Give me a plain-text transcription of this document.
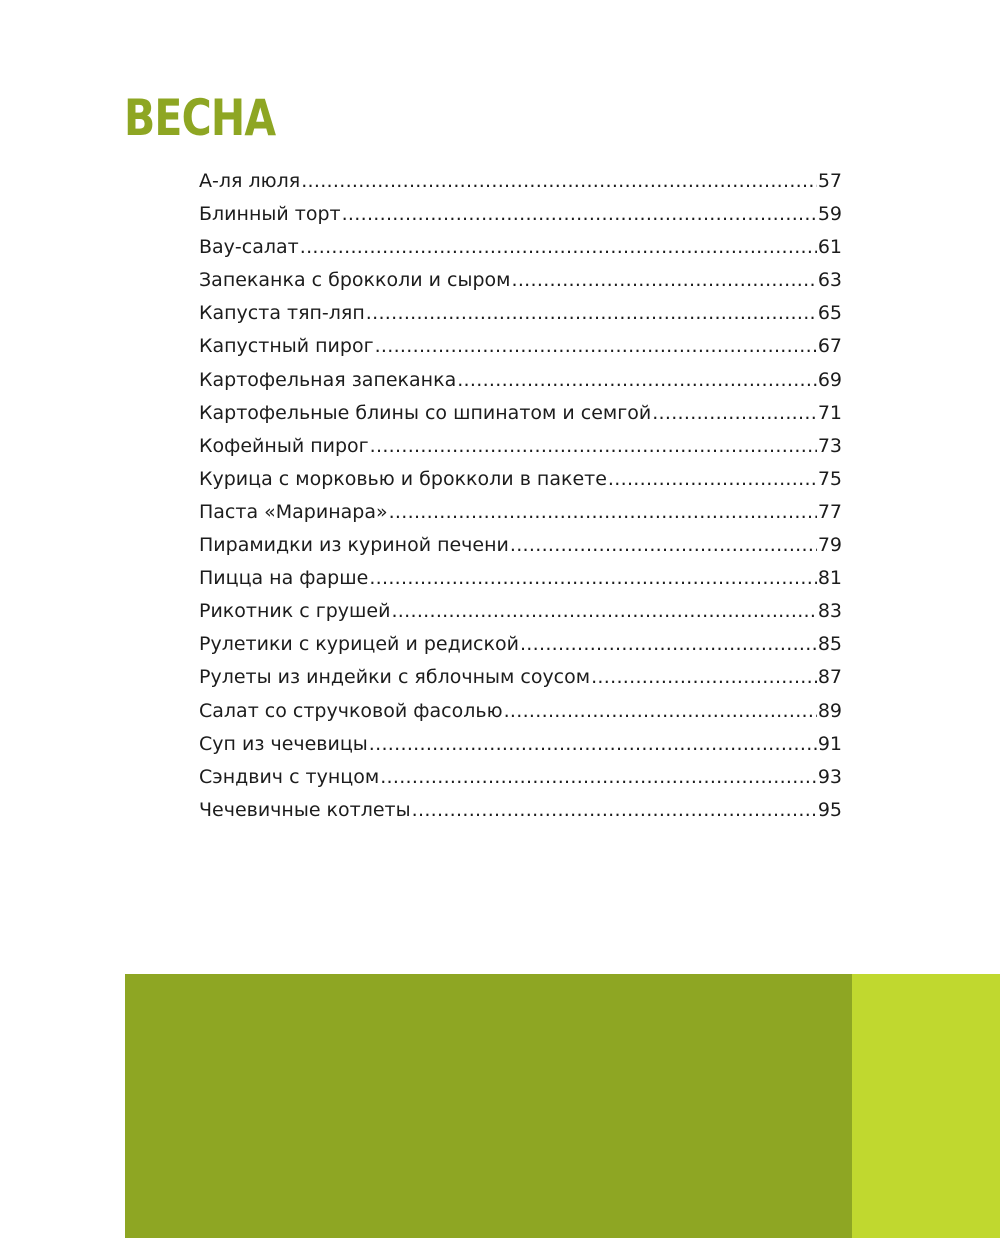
ВЕСНА
А-ля люля .....	57
Блинный торт .....	59
Вау-салат .....	61
Запеканка с брокколи и сыром .....	63
Капуста тяп-ляп .....	65
Капустный пирог .....	67
Картофельная запеканка .....	69
Картофельные блины со шпинатом и семгой .....	71
Кофейный пирог .....	73
Курица с морковью и брокколи в пакете .....	75
Паста «Маринара» .....	77
Пирамидки из куриной печени .....	79
Пицца на фарше .....	81
Рикотник с грушей .....	83
Рулетики с курицей и редиской .....	85
Рулеты из индейки с яблочным соусом .....	87
Салат со стручковой фасолью .....	89
Суп из чечевицы .....	91
Сэндвич с тунцом .....	93
Чечевичные котлеты .....	95
